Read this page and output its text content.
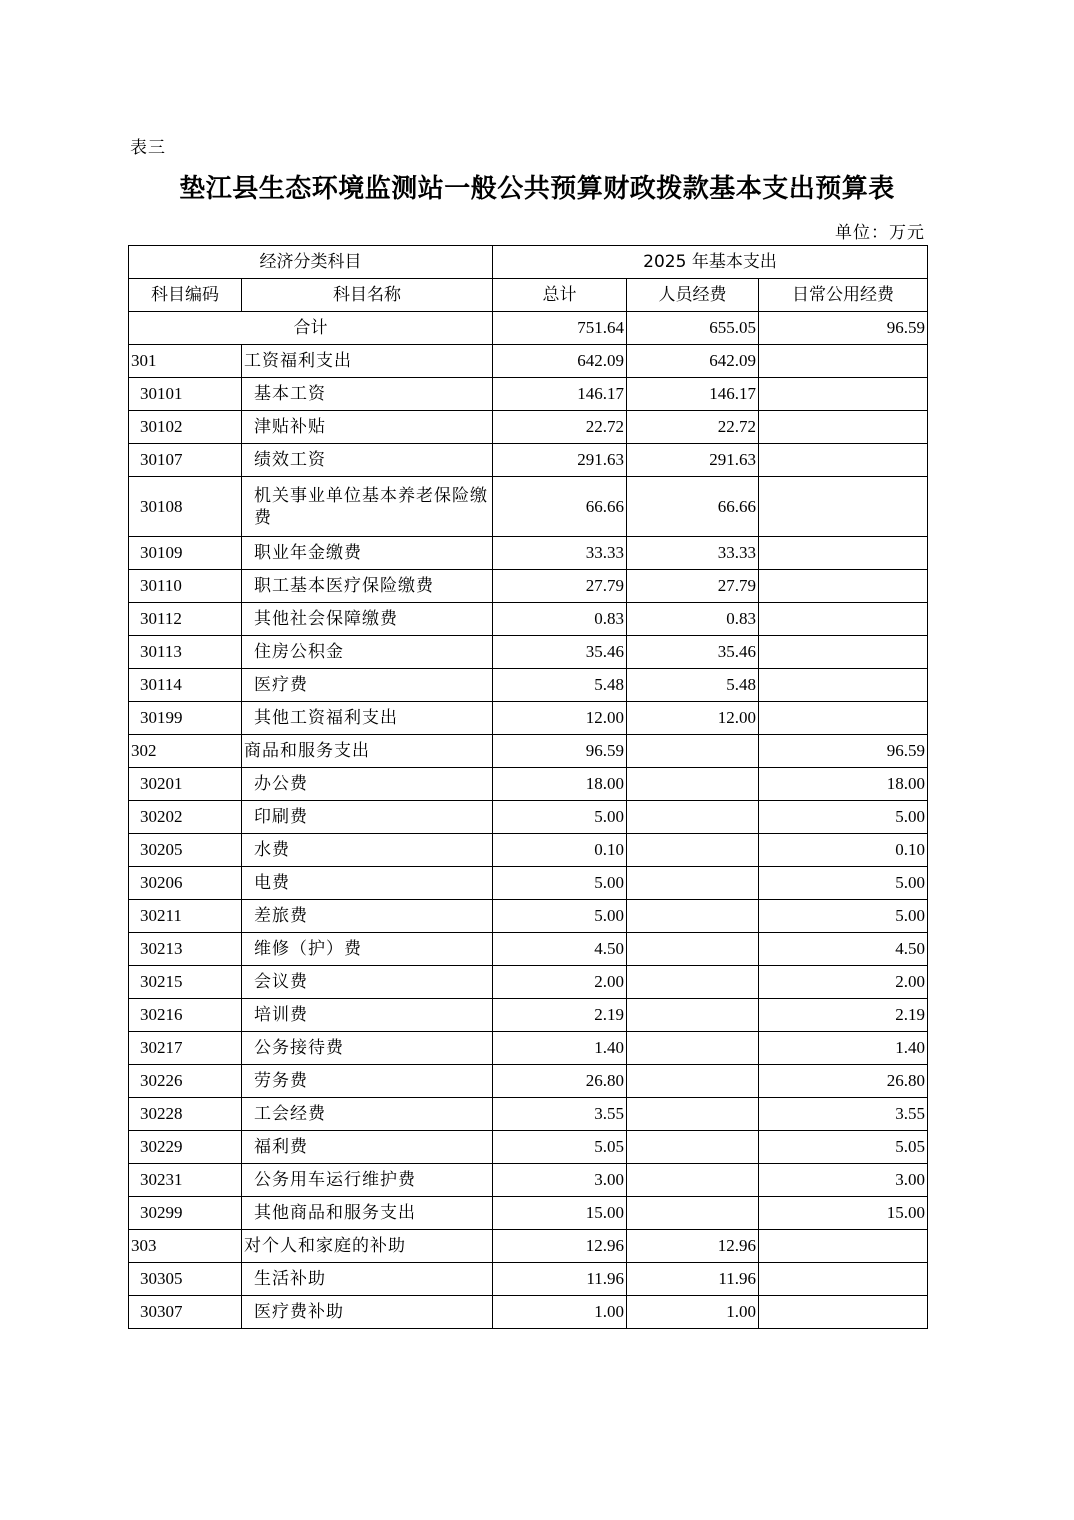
表三
垫江县生态环境监测站一般公共预算财政拨款基本支出预算表
单位：万元
经济分类科目		2025 年基本支出		
科目编码	科目名称	总计	人员经费	日常公用经费
合计		751.64	655.05	96.59
301	工资福利支出	642.09	642.09	
30101	基本工资	146.17	146.17	
30102	津贴补贴	22.72	22.72	
30107	绩效工资	291.63	291.63	
30108	机关事业单位基本养老保险缴费	66.66	66.66	
30109	职业年金缴费	33.33	33.33	
30110	职工基本医疗保险缴费	27.79	27.79	
30112	其他社会保障缴费	0.83	0.83	
30113	住房公积金	35.46	35.46	
30114	医疗费	5.48	5.48	
30199	其他工资福利支出	12.00	12.00	
302	商品和服务支出	96.59		96.59
30201	办公费	18.00		18.00
30202	印刷费	5.00		5.00
30205	水费	0.10		0.10
30206	电费	5.00		5.00
30211	差旅费	5.00		5.00
30213	维修（护）费	4.50		4.50
30215	会议费	2.00		2.00
30216	培训费	2.19		2.19
30217	公务接待费	1.40		1.40
30226	劳务费	26.80		26.80
30228	工会经费	3.55		3.55
30229	福利费	5.05		5.05
30231	公务用车运行维护费	3.00		3.00
30299	其他商品和服务支出	15.00		15.00
303	对个人和家庭的补助	12.96	12.96	
30305	生活补助	11.96	11.96	
30307	医疗费补助	1.00	1.00	
